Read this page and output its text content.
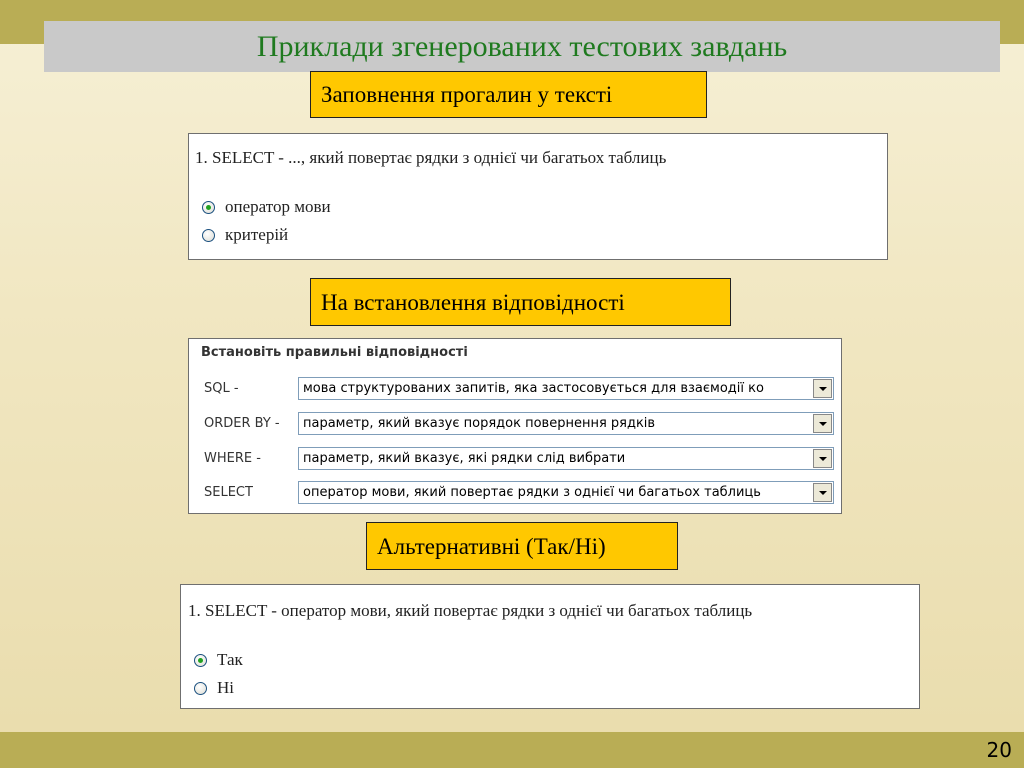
Приклади згенерованих тестових завдань
Заповнення прогалин у тексті
1. SELECT - ..., який повертає рядки з однієї чи багатьох таблиць
оператор мови
критерій
На встановлення відповідності
Встановіть правильні відповідності
SQL -	мова структурованих запитів, яка застосовується для взаємодії ко
ORDER BY - параметр, який вказує порядок повернення рядків
WHERE -	параметр, який вказує, які рядки слід вибрати
SELECT	оператор мови, який повертає рядки з однієї чи багатьох таблиць
Альтернативні (Так/Ні)
1. SELECT - оператор мови, який повертає рядки з однієї чи багатьох таблиць
Так
Ні
20
